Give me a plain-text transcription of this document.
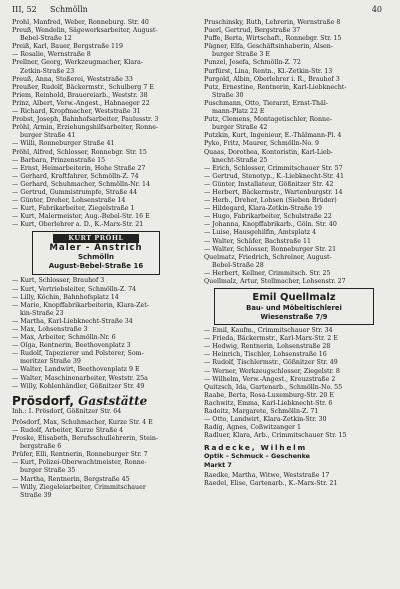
III, 52 Schmölln	40
Prohl, Manfred, Weber, Ronneburg. Str. 40
Preuß, Wendelin, Sägewerksarbeiter, August-
Bebel-Straße 12
Preiß, Karl, Bauer, Bergstraße 119
— Rosalie, Wernstraße 8
Prellner, Georg, Werkzeugmacher, Klara-
Zetkin-Straße 23
Preuß, Anna, Stoßerei, Weststraße 33
Preußer, Rudolf, Bäckermstr., Schulberg 7 E
Priem, Reinhold, Brauereiarb., Weststr. 38
Prinz, Albert, Verw.-Angest., Habnaeger 22
— Richard, Kropfmacher, Weststraße 31
Probst, Joseph, Bahnhofsarbeiter, Paulusstr. 3
Pröhl, Armin, Erziehungshilfsarbeiter, Ronne-
burger Straße 41
— Willi, Ronneburger Straße 41
Pröhl, Alfred, Schlosser, Ronnebgr. Str. 15
— Barbara, Prinzenstraße 15
— Ernst, Heimarbeiterin, Hohe Straße 27
— Gerhard, Kraftfahrer, Schmölln-Z. 74
— Gerhard, Schuhmacher, Schmölln-Nr. 14
— Gertrud, Gummistrumpfe, Straße 44
— Günter, Dreher, Lohsenstraße 14
— Kurt, Fabrikarbeiter, Ziegelstraße 1
— Kurt, Malermeister, Aug.-Bebel-Str. 16 E
— Kurt, Oberlehrer a. D., K.-Marx-Str. 21
KURT PRÖHL
Maler - Anstrich
Schmölln
August-Bebel-Straße 16
— Kurt, Schlosser, Brauhof 3
— Kurt, Vertriebsleiter, Schmölln-Z. 74
— Lilly, Köchin, Bahnhofsplatz 14
— Marie, Knopffabrikarbeiterin, Klara-Zet-
kin-Straße 23
— Martha, Karl-Liebknecht-Straße 34
— Max, Lohsenstraße 3
— Max, Arbeiter, Schmölln-Nr. 6
— Olga, Rentnerin, Beethovenplatz 3
— Rudolf, Tapezierer und Polsterer, Som-
meritzer Straße 39
— Walter, Landwirt, Beethovenplatz 9 E
— Walter, Maschinenarbeiter, Weststr. 25a
— Willy, Kohlenhändler, Gößnitzer Str. 49
Prösdorf, Gaststätte
Inh.: I. Prösdorf, Gößnitzer Str. 64
Prösdorf, Max, Schuhmacher, Kurze Str. 4 E
— Rudolf, Arbeiter, Kurze Straße 4
Proske, Elisabeth, Berufsschullehrerin, Stein-
bergstraße 6
Prüfer, Elli, Rentnerin, Ronneburger Str. 7
— Kurt, Polizei-Oberwachtmeister, Ronne-
burger Straße 35
— Martha, Rentnerin, Bergstraße 45
— Willy, Ziegeleiarbeiter, Crimmitschauer
Straße 39
Pruschinsky, Ruth, Lehrerin, Wernstraße 8
Puerl, Gertrud, Bergstraße 37
Puffe, Berta, Wirtschaft., Ronnebgr. Str. 15
Pügner, Elfa, Geschäftsinhaberin, Alsen-
burger Straße 3 E
Punzel, Josefa, Schmölln-Z. 72
Purfürst, Lina, Rentn., Kl.-Zetkin-Str. 13
Purgold, Albin, Oberlehrer i. R., Brauhof 3
Putz, Ernestine, Rentnerin, Karl-Liebknecht-
Straße 30
Puschmann, Otto, Tierarzt, Ernst-Thäl-
mann-Platz 22 E
Putz, Clemens, Montagetischler, Ronne-
burger Straße 42
Putzkin, Kurt, Ingenieur, E.-Thälmann-Pl. 4
Pyko, Fritz, Maurer, Schmölln-No. 9
Quaas, Dorothea, Kontoristin, Karl-Lieb-
knecht-Straße 25
— Erich, Schlosser, Crimmitschauer Str. 57
— Gertrud, Stenotyp., K.-Liebknecht-Str. 41
— Günter, Installateur, Gößnitzer Str. 42
— Herbert, Bäckermstr., Wartenburgstr. 14
— Herb., Dreher, Lohsen (Sieben Brüder)
— Hildegard, Klara-Zetkin-Straße 19
— Hugo, Fabrikarbeiter, Schulstraße 22
— Johanna, Knopffabrikarb., Göln. Str. 40
— Luise, Hausgehilfin, Amtsplatz 4
— Walter, Schäfer, Bachstraße 11
— Walter, Schlosser, Ronneburger Str. 21
Quelmatz, Friedrich, Schreiner, August-
Bebel-Straße 28
— Herbert, Kellner, Crimmitsch. Str. 25
Quellmalz, Artur, Stellmacher, Lohsenstr. 27
Emil Quellmalz
Bau- und Möbeltischlerei
Wiesenstraße 7/9
— Emil, Kaufm., Crimmitschauer Str. 34
— Frieda, Bäckermstr., Karl-Marx-Str. 2 E
— Hedwig, Rentnerin, Lohsenstraße 28
— Heinrich, Tischler, Lohsenstraße 16
— Rudolf, Tischlermstr., Gößnitzer Str. 49
— Werner, Werkzeugschlosser, Ziegelstr. 8
— Wilhelm, Verw.-Angest., Kreuzstraße 2
Quitzsch, Ida, Gartenarb., Schmölln-No. 55
Raabe, Berta, Rosa-Luxemburg-Str. 20 E
Rachwitz, Emma, Karl-Liebknecht-Str. 6
Radeitz, Margarete, Schmölln-Z. 71
— Otto, Landwirt, Klara-Zetkin-Str. 30
Radig, Agnes, Coßwitzanger 1
Radluer, Klara, Arb., Crimmitschauer Str. 15
Radecke, Wilhelm
Optik – Schmuck – Geschenke
Markt 7
Raedke, Martha, Witwe, Weststraße 17
Raedel, Elise, Gartenarb., K.-Marx-Str. 21
